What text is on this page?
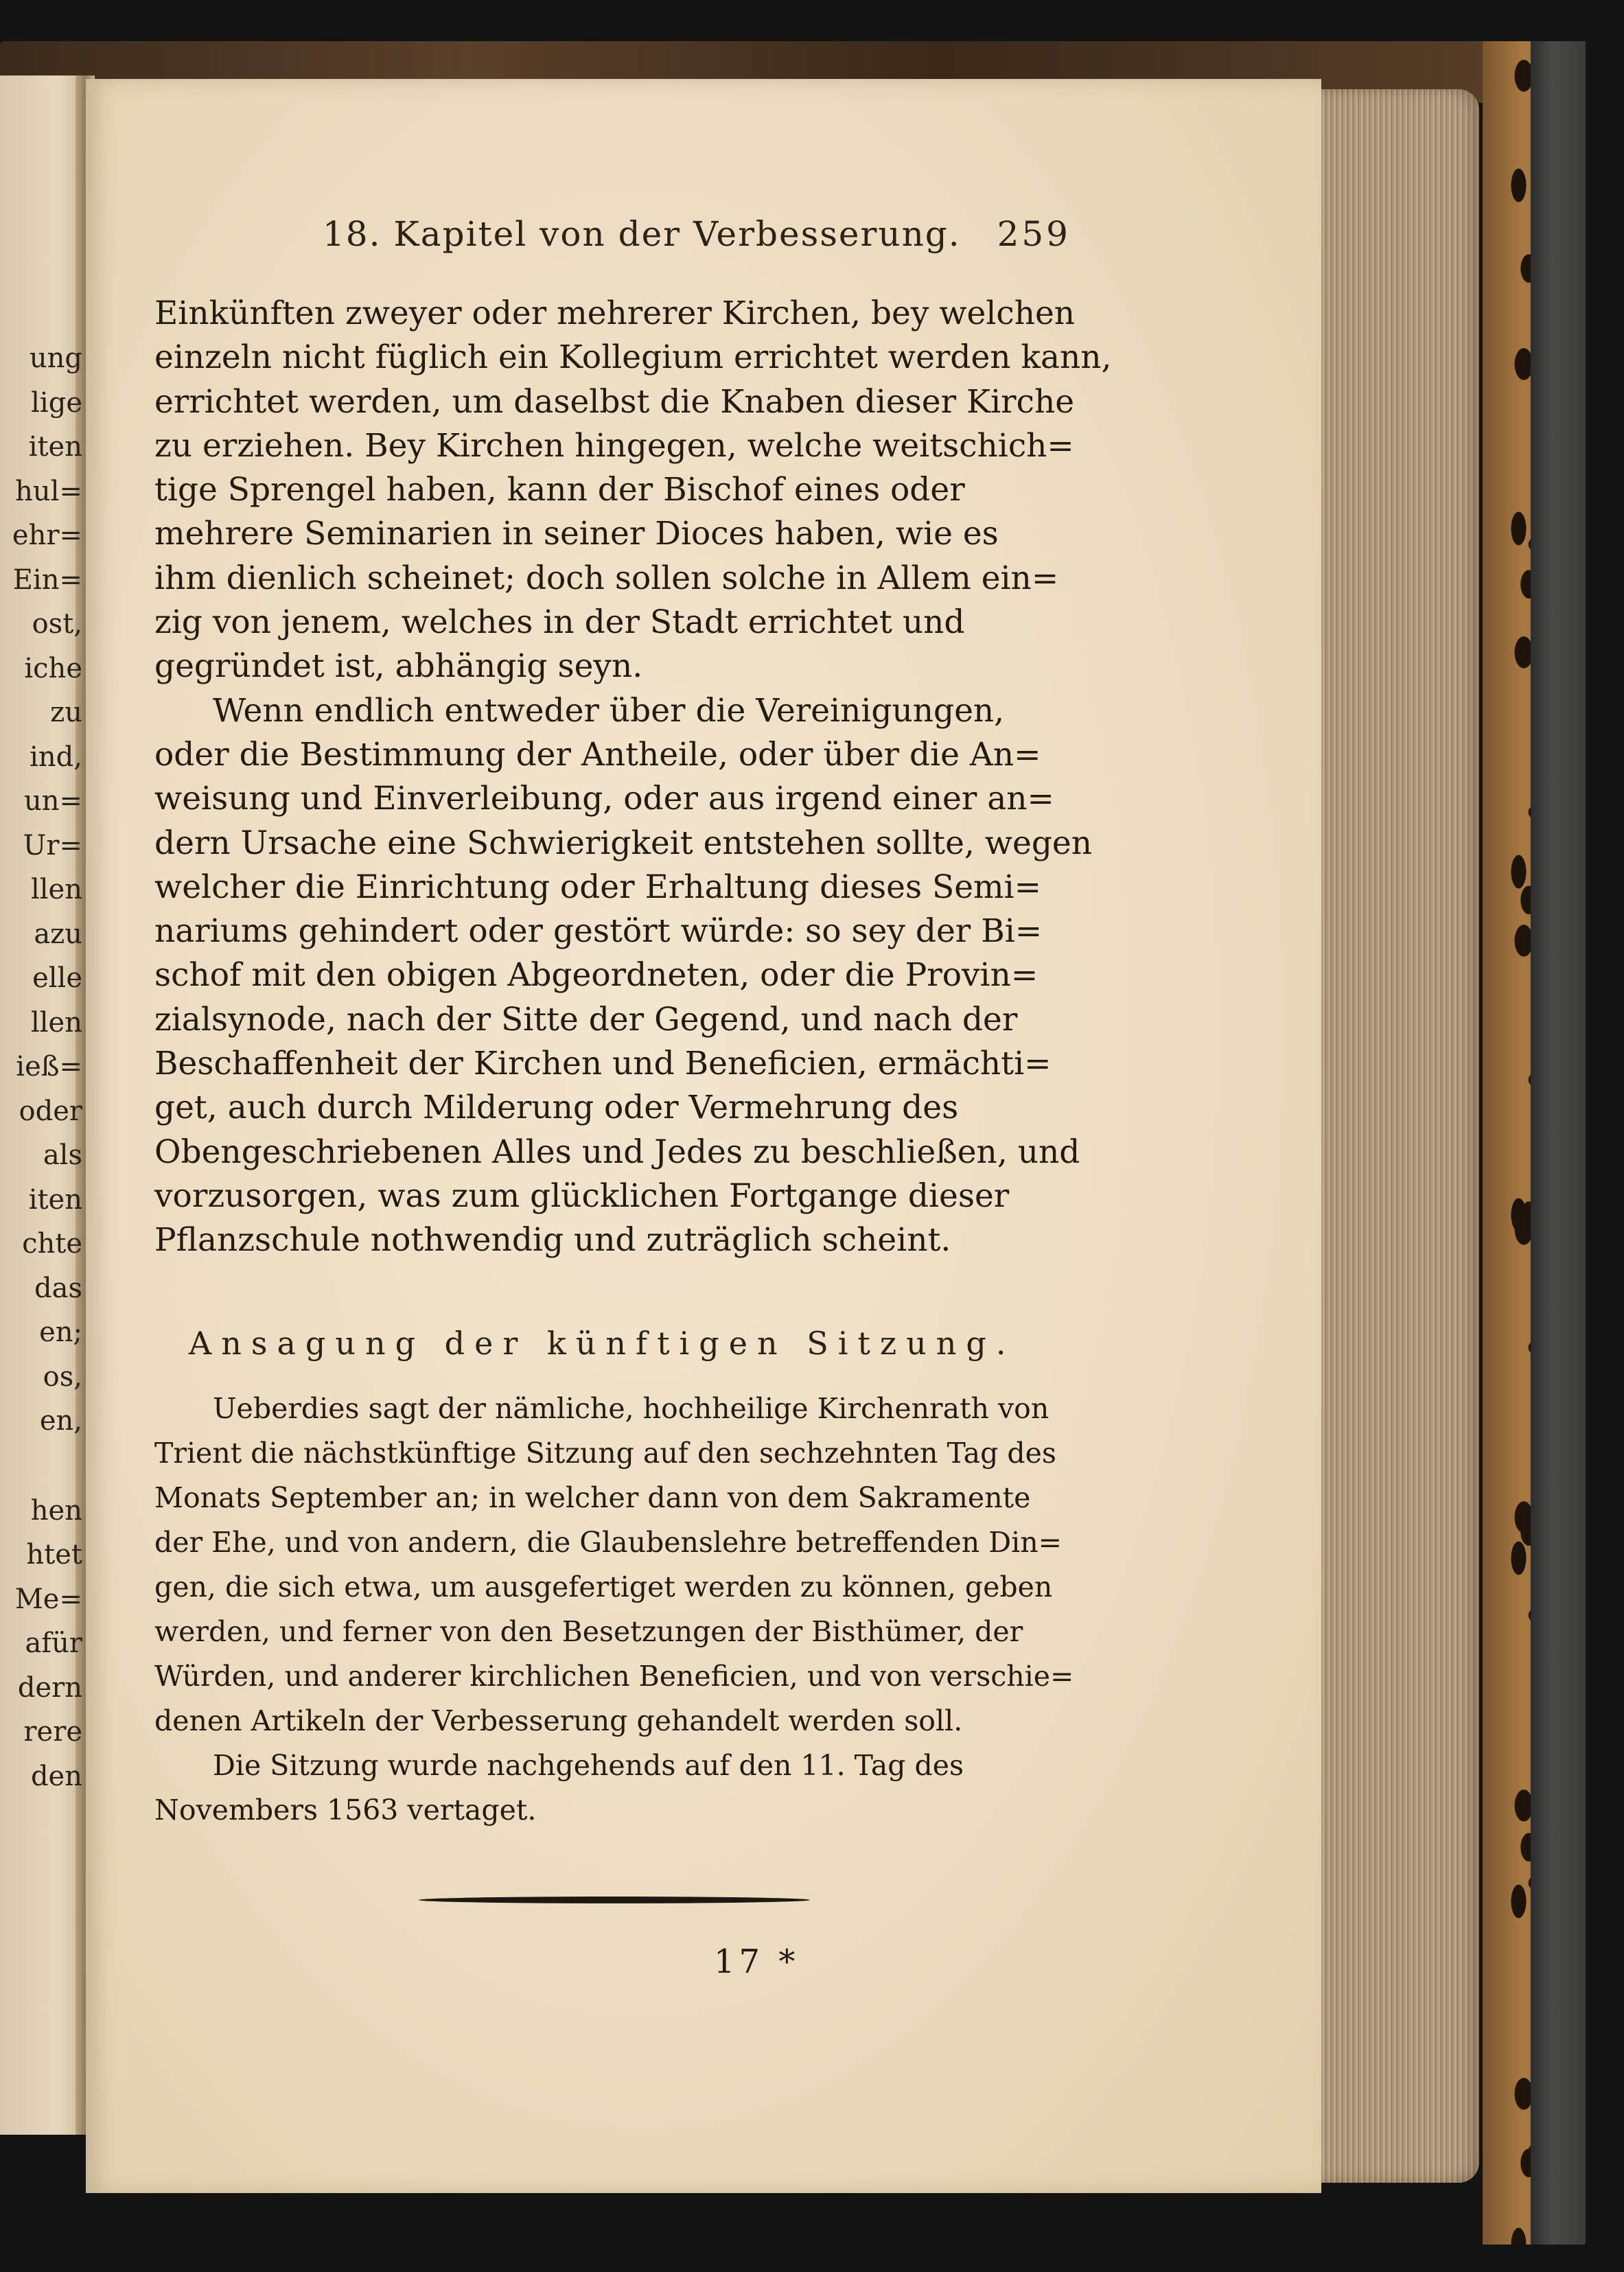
ung
lige
iten
hul=
ehr=
Ein=
ost,
iche
zu
ind,
un=
Ur=
llen
azu
elle
llen
ieß=
oder
als
iten
chte
das
en;
os,
en,
hen
htet
Me=
afür
dern
rere
den
18. Kapitel von der Verbesserung.	259
Einkünften zweyer oder mehrerer Kirchen, bey welchen
einzeln nicht füglich ein Kollegium errichtet werden kann,
errichtet werden, um daselbst die Knaben dieser Kirche
zu erziehen. Bey Kirchen hingegen, welche weitschich=
tige Sprengel haben, kann der Bischof eines oder
mehrere Seminarien in seiner Dioces haben, wie es
ihm dienlich scheinet; doch sollen solche in Allem ein=
zig von jenem, welches in der Stadt errichtet und
gegründet ist, abhängig seyn.
Wenn endlich entweder über die Vereinigungen,
oder die Bestimmung der Antheile, oder über die An=
weisung und Einverleibung, oder aus irgend einer an=
dern Ursache eine Schwierigkeit entstehen sollte, wegen
welcher die Einrichtung oder Erhaltung dieses Semi=
nariums gehindert oder gestört würde: so sey der Bi=
schof mit den obigen Abgeordneten, oder die Provin=
zialsynode, nach der Sitte der Gegend, und nach der
Beschaffenheit der Kirchen und Beneficien, ermächti=
get, auch durch Milderung oder Vermehrung des
Obengeschriebenen Alles und Jedes zu beschließen, und
vorzusorgen, was zum glücklichen Fortgange dieser
Pflanzschule nothwendig und zuträglich scheint.
Ansagung der künftigen Sitzung.
Ueberdies sagt der nämliche, hochheilige Kirchenrath von
Trient die nächstkünftige Sitzung auf den sechzehnten Tag des
Monats September an; in welcher dann von dem Sakramente
der Ehe, und von andern, die Glaubenslehre betreffenden Din=
gen, die sich etwa, um ausgefertiget werden zu können, geben
werden, und ferner von den Besetzungen der Bisthümer, der
Würden, und anderer kirchlichen Beneficien, und von verschie=
denen Artikeln der Verbesserung gehandelt werden soll.
Die Sitzung wurde nachgehends auf den 11. Tag des
Novembers 1563 vertaget.
17 *
